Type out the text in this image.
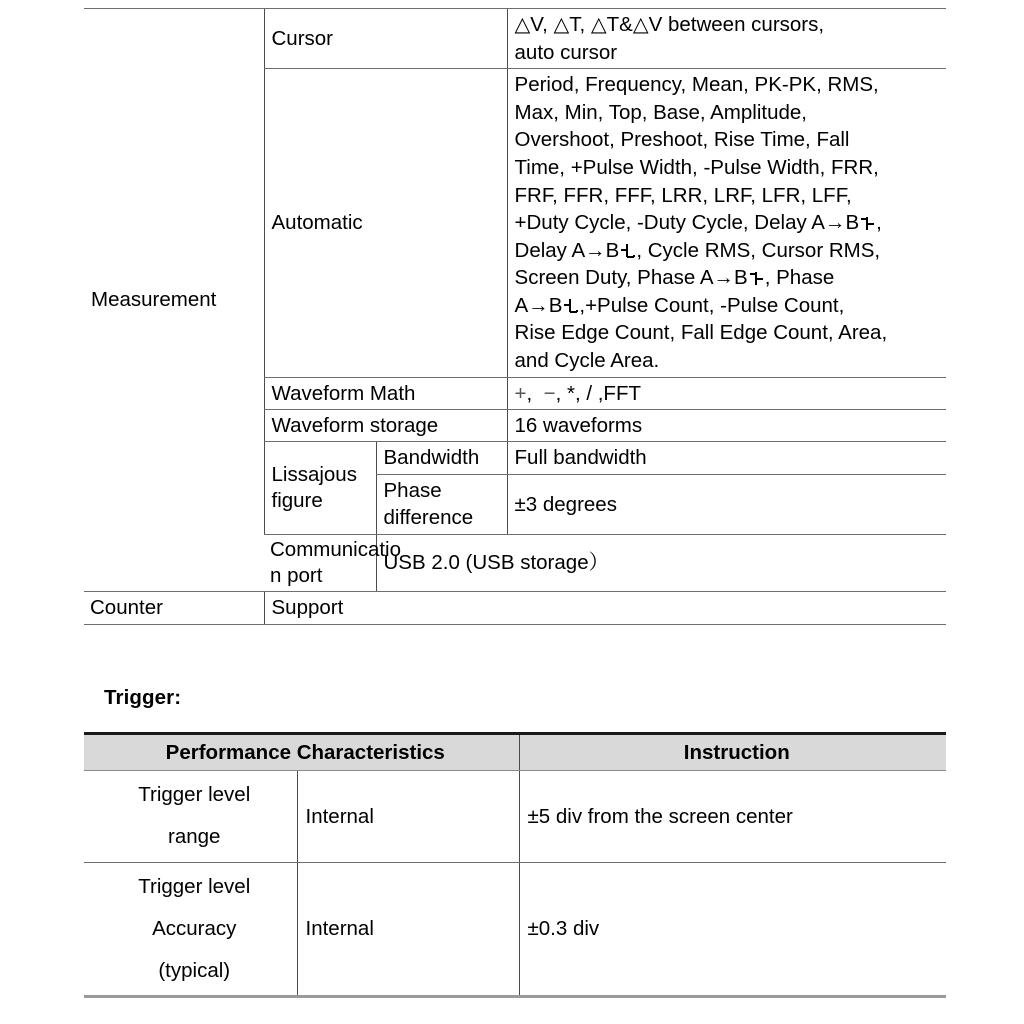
Measurement	Cursor		△V, △T, △T&△V between cursors,
auto cursor
Automatic	Period, Frequency, Mean, PK-PK, RMS,
Max, Min, Top, Base, Amplitude,
Overshoot, Preshoot, Rise Time, Fall
Time, +Pulse Width, -Pulse Width, FRR,
FRF, FFR, FFF, LRR, LRF, LFR, LFF,
+Duty Cycle, -Duty Cycle, Delay A→B ,
Delay A→B , Cycle RMS, Cursor RMS,
Screen Duty, Phase A→B , Phase
A→B ,+Pulse Count, -Pulse Count,
Rise Edge Count, Fall Edge Count, Area,
and Cycle Area.
	Waveform Math		+,  −, *, / ,FFT
	Waveform storage		16 waveforms
	Lissajous
figure	Bandwidth	Full bandwidth
		Phase
difference	±3 degrees
	Communicatio
n port	USB 2.0 (USB storage）	
Counter	Support		
Trigger:
Performance Characteristics		Instruction
Trigger level
range	Internal	±5 div from the screen center
Trigger level
Accuracy
(typical)	Internal	±0.3 div
